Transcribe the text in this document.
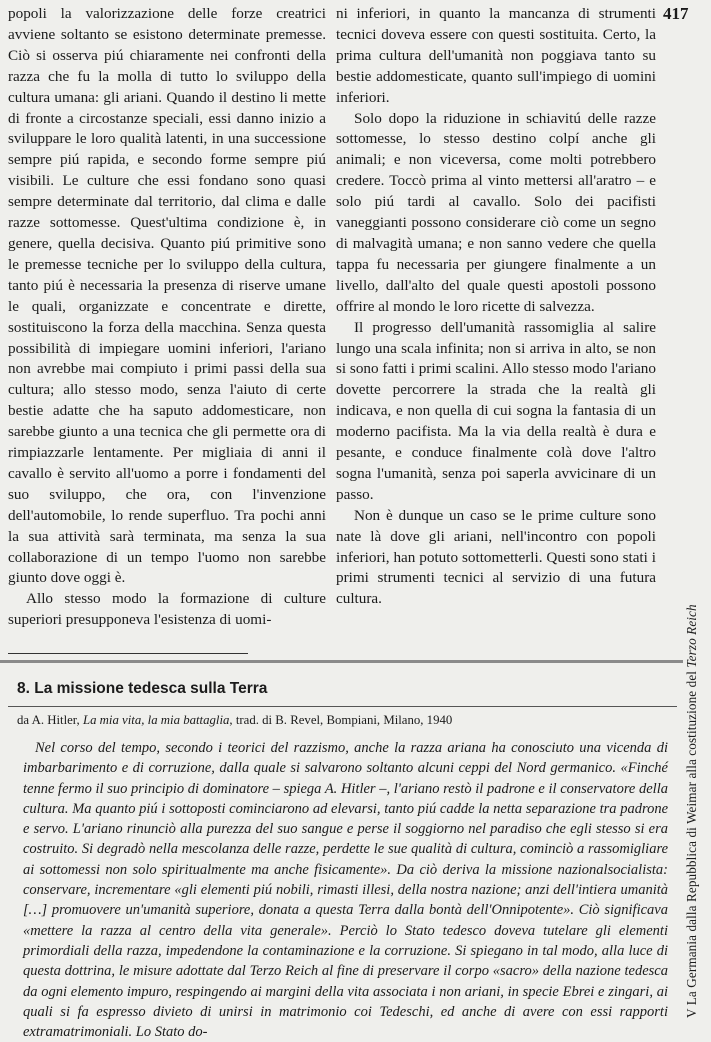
popoli la valorizzazione delle forze creatrici avviene soltanto se esistono determinate premesse. Ciò si osserva piú chiaramente nei confronti della razza che fu la molla di tutto lo sviluppo della cultura umana: gli ariani. Quando il destino li mette di fronte a circostanze speciali, essi danno inizio a sviluppare le loro qualità latenti, in una successione sempre piú rapida, e secondo forme sempre piú visibili. Le culture che essi fondano sono quasi sempre determinate dal territorio, dal clima e dalle razze sottomesse. Quest'ultima condizione è, in genere, quella decisiva. Quanto piú primitive sono le premesse tecniche per lo sviluppo della cultura, tanto piú è necessaria la presenza di riserve umane le quali, organizzate e concentrate e dirette, sostituiscono la forza della macchina. Senza questa possibilità di impiegare uomini inferiori, l'ariano non avrebbe mai compiuto i primi passi della sua cultura; allo stesso modo, senza l'aiuto di certe bestie adatte che ha saputo addomesticare, non sarebbe giunto a una tecnica che gli permette ora di rimpiazzarle lentamente. Per migliaia di anni il cavallo è servito all'uomo a porre i fondamenti del suo sviluppo, che ora, con l'invenzione dell'automobile, lo rende superfluo. Tra pochi anni la sua attività sarà terminata, ma senza la sua collaborazione di un tempo l'uomo non sarebbe giunto dove oggi è.

Allo stesso modo la formazione di culture superiori presupponeva l'esistenza di uomi-

ni inferiori, in quanto la mancanza di strumenti tecnici doveva essere con questi sostituita. Certo, la prima cultura dell'umanità non poggiava tanto su bestie addomesticate, quanto sull'impiego di uomini inferiori.

Solo dopo la riduzione in schiavitú delle razze sottomesse, lo stesso destino colpí anche gli animali; e non viceversa, come molti potrebbero credere. Toccò prima al vinto mettersi all'aratro – e solo piú tardi al cavallo. Solo dei pacifisti vaneggianti possono considerare ciò come un segno di malvagità umana; e non sanno vedere che quella tappa fu necessaria per giungere finalmente a un livello, dall'alto del quale questi apostoli possono offrire al mondo le loro ricette di salvezza.

Il progresso dell'umanità rassomiglia al salire lungo una scala infinita; non si arriva in alto, se non si sono fatti i primi scalini. Allo stesso modo l'ariano dovette percorrere la strada che la realtà gli indicava, e non quella di cui sogna la fantasia di un moderno pacifista. Ma la via della realtà è dura e pesante, e conduce finalmente colà dove l'altro sogna l'umanità, senza poi saperla avvicinare di un passo.

Non è dunque un caso se le prime culture sono nate là dove gli ariani, nell'incontro con popoli inferiori, han potuto sottometterli. Questi sono stati i primi strumenti tecnici al servizio di una futura cultura.

417
8. La missione tedesca sulla Terra
da A. Hitler, La mia vita, la mia battaglia, trad. di B. Revel, Bompiani, Milano, 1940

Nel corso del tempo, secondo i teorici del razzismo, anche la razza ariana ha conosciuto una vicenda di imbarbarimento e di corruzione, dalla quale si salvarono soltanto alcuni ceppi del Nord germanico. «Finché tenne fermo il suo principio di dominatore – spiega A. Hitler –, l'ariano restò il padrone e il conservatore della cultura. Ma quanto piú i sottoposti cominciarono ad elevarsi, tanto piú cadde la netta separazione tra padrone e servo. L'ariano rinunciò alla purezza del suo sangue e perse il soggiorno nel paradiso che egli stesso si era costruito. Si degradò nella mescolanza delle razze, perdette le sue qualità di cultura, cominciò a rassomigliare ai sottomessi non solo spiritualmente ma anche fisicamente». Da ciò deriva la missione nazionalsocialista: conservare, incrementare «gli elementi piú nobili, rimasti illesi, della nostra nazione; anzi dell'intiera umanità […] promuovere un'umanità superiore, donata a questa Terra dalla bontà dell'Onnipotente». Ciò significava «mettere la razza al centro della vita generale». Perciò lo Stato tedesco doveva tutelare gli elementi primordiali della razza, impedendone la contaminazione e la corruzione. Si spiegano in tal modo, alla luce di questa dottrina, le misure adottate dal Terzo Reich al fine di preservare il corpo «sacro» della nazione tedesca da ogni elemento impuro, respingendo ai margini della vita associata i non ariani, in specie Ebrei e zingari, ai quali si fa espresso divieto di unirsi in matrimonio coi Tedeschi, ed anche di avere con essi rapporti extramatrimoniali. Lo Stato do-

V La Germania dalla Repubblica di Weimar alla costituzione del Terzo Reich
